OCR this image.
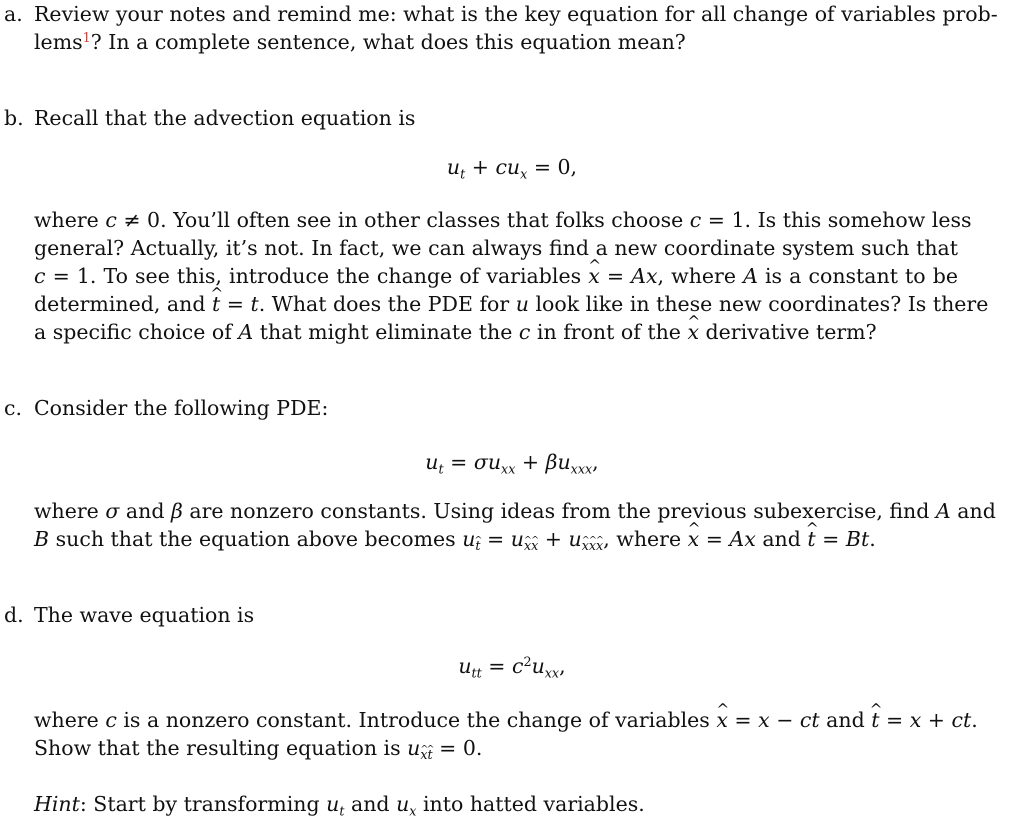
a. Review your notes and remind me: what is the key equation for all change of variables prob-
lems$^1$? In a complete sentence, what does this equation mean?
b. Recall that the advection equation is
$u_t + cu_x = 0$,
where c ≠ 0. You’ll often see in other classes that folks choose c = 1. Is this somehow less
general? Actually, it’s not. In fact, we can always find a new coordinate system such that
c = 1. To see this, introduce the change of variables ^ x = Ax, where A is a constant to be
determined, and ^ t = t. What does the PDE for u look like in these new coordinates? Is there
a specific choice of A that might eliminate the c in front of the ^ x derivative term?
c. Consider the following PDE:
$u_t = \sigma u_{xx} + \beta u_{xxx}$,
where σ and β are nonzero constants. Using ideas from the previous subexercise, find A and
B such that the equation above becomes $u_t = u_{xx} + u_{xxx}$, where ^ x = Ax and ^ t = Bt.
d. The wave equation is
$u_{tt} = c^2u_{xx}$,
where c is a nonzero constant. Introduce the change of variables ^ x = x − ct and ^ t = x + ct.
Show that the resulting equation is $u_{xt} = 0$.
Hint: Start by transforming $u_t$ and $u_x$ into hatted variables.
